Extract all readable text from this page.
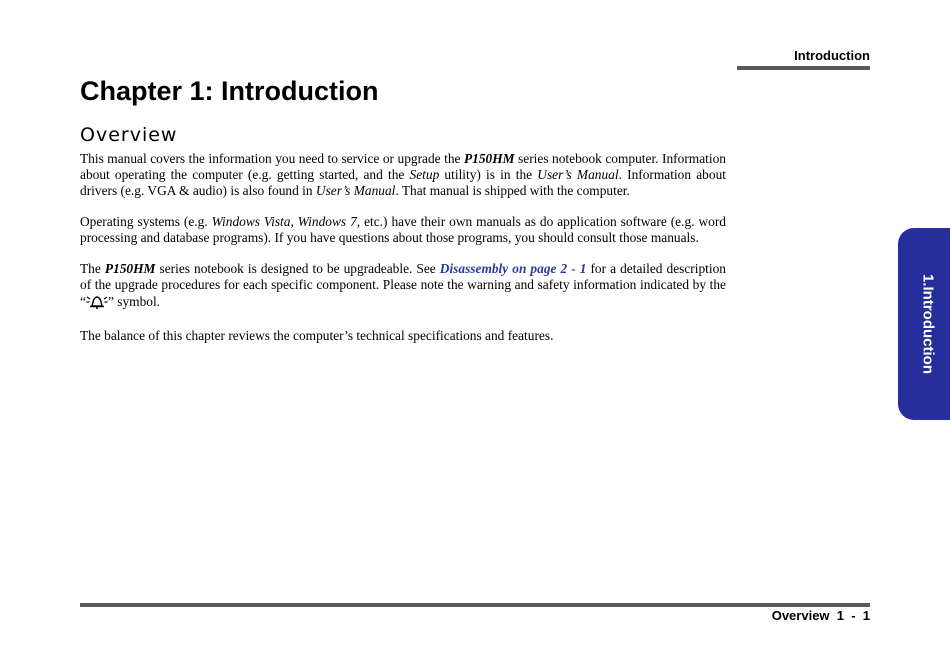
Introduction
Chapter 1: Introduction
Overview

This manual covers the information you need to service or upgrade the P150HM series notebook computer. Information about operating the computer (e.g. getting started, and the Setup utility) is in the User’s Manual. Information about drivers (e.g. VGA & audio) is also found in User’s Manual. That manual is shipped with the computer.

Operating systems (e.g. Windows Vista, Windows 7, etc.) have their own manuals as do application software (e.g. word processing and database programs). If you have questions about those programs, you should consult those manuals.

The P150HM series notebook is designed to be upgradeable. See Disassembly on page 2 - 1 for a detailed description of the upgrade procedures for each specific component. Please note the warning and safety information indicated by the “ ” symbol.

The balance of this chapter reviews the computer’s technical specifications and features.	1.Introduction
Overview  1  -  1
